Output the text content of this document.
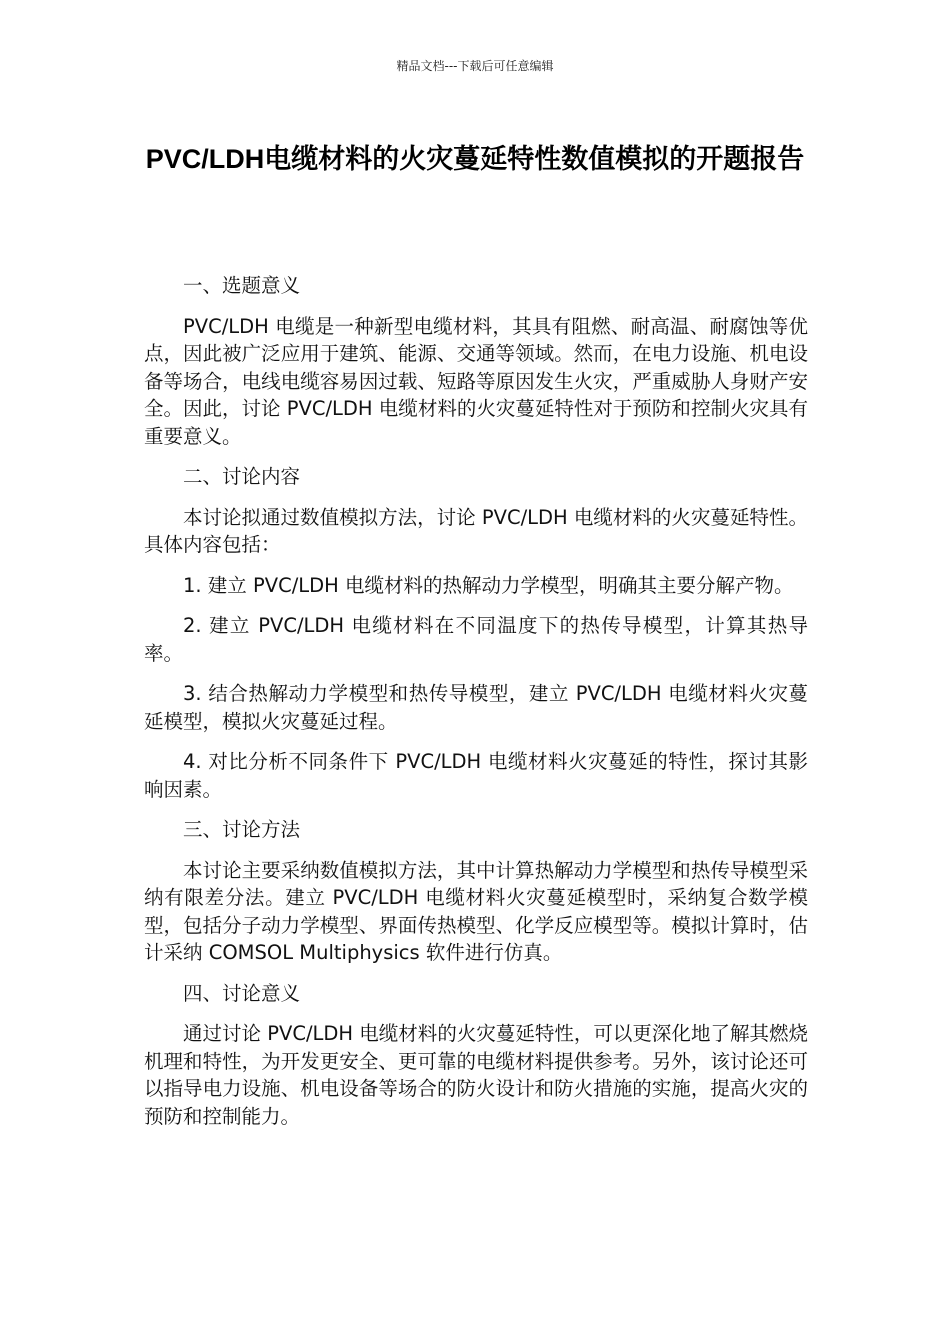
精品文档---下载后可任意编辑
PVC/LDH电缆材料的火灾蔓延特性数值模拟的开题报告

一、选题意义

PVC/LDH 电缆是一种新型电缆材料，其具有阻燃、耐高温、耐腐蚀等优点，因此被广泛应用于建筑、能源、交通等领域。然而，在电力设施、机电设备等场合，电线电缆容易因过载、短路等原因发生火灾，严重威胁人身财产安全。因此，讨论 PVC/LDH 电缆材料的火灾蔓延特性对于预防和控制火灾具有重要意义。

二、讨论内容

本讨论拟通过数值模拟方法，讨论 PVC/LDH 电缆材料的火灾蔓延特性。具体内容包括：

1. 建立 PVC/LDH 电缆材料的热解动力学模型，明确其主要分解产物。

2. 建立 PVC/LDH 电缆材料在不同温度下的热传导模型，计算其热导率。

3. 结合热解动力学模型和热传导模型，建立 PVC/LDH 电缆材料火灾蔓延模型，模拟火灾蔓延过程。

4. 对比分析不同条件下 PVC/LDH 电缆材料火灾蔓延的特性，探讨其影响因素。

三、讨论方法

本讨论主要采纳数值模拟方法，其中计算热解动力学模型和热传导模型采纳有限差分法。建立 PVC/LDH 电缆材料火灾蔓延模型时，采纳复合数学模型，包括分子动力学模型、界面传热模型、化学反应模型等。模拟计算时，估计采纳 COMSOL Multiphysics 软件进行仿真。

四、讨论意义

通过讨论 PVC/LDH 电缆材料的火灾蔓延特性，可以更深化地了解其燃烧机理和特性，为开发更安全、更可靠的电缆材料提供参考。另外，该讨论还可以指导电力设施、机电设备等场合的防火设计和防火措施的实施，提高火灾的预防和控制能力。
